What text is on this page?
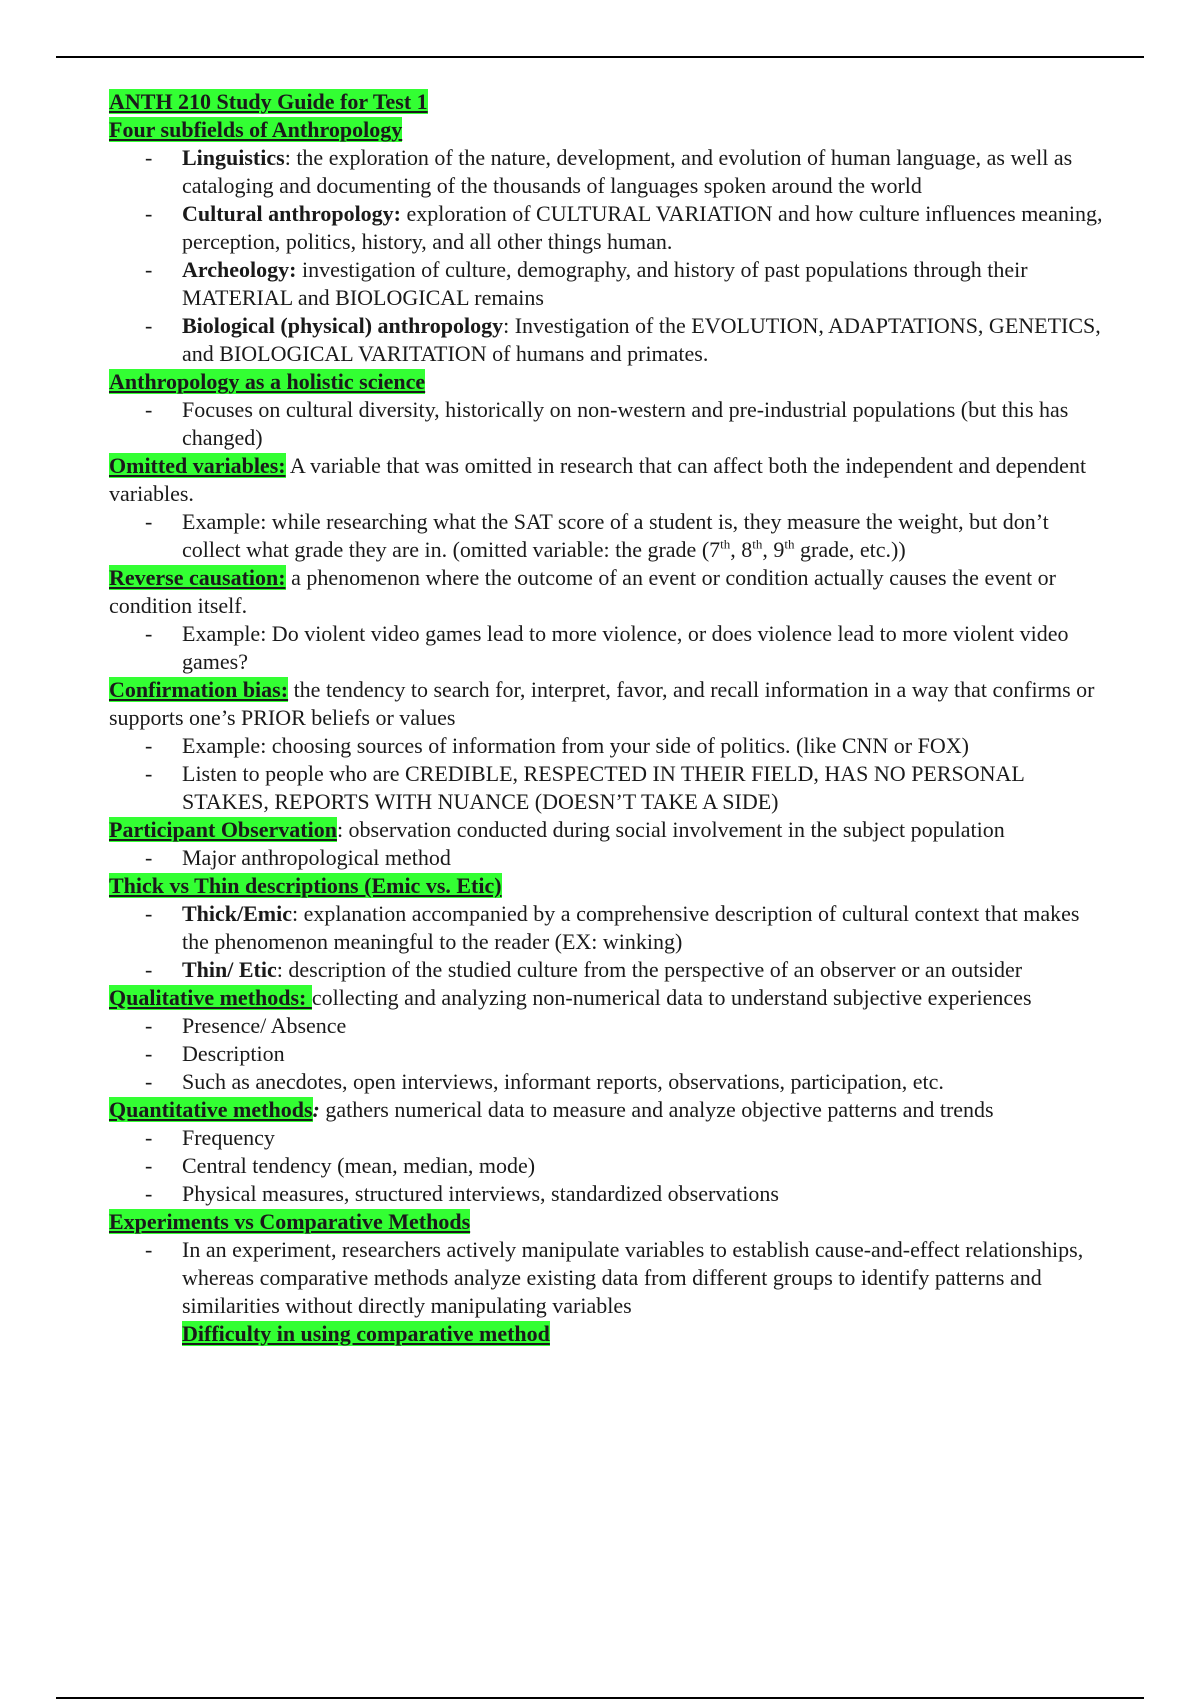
ANTH 210 Study Guide for Test 1

Four subfields of Anthropology

- Linguistics: the exploration of the nature, development, and evolution of human language, as well as cataloging and documenting of the thousands of languages spoken around the world
- Cultural anthropology: exploration of CULTURAL VARIATION and how culture influences meaning, perception, politics, history, and all other things human.
- Archeology: investigation of culture, demography, and history of past populations through their MATERIAL and BIOLOGICAL remains
- Biological (physical) anthropology: Investigation of the EVOLUTION, ADAPTATIONS, GENETICS, and BIOLOGICAL VARITATION of humans and primates.

Anthropology as a holistic science

- Focuses on cultural diversity, historically on non-western and pre-industrial populations (but this has changed)

Omitted variables: A variable that was omitted in research that can affect both the independent and dependent variables.

- Example: while researching what the SAT score of a student is, they measure the weight, but don’t collect what grade they are in. (omitted variable: the grade (7th, 8th, 9th grade, etc.))

Reverse causation: a phenomenon where the outcome of an event or condition actually causes the event or condition itself.

- Example: Do violent video games lead to more violence, or does violence lead to more violent video games?

Confirmation bias: the tendency to search for, interpret, favor, and recall information in a way that confirms or supports one’s PRIOR beliefs or values

- Example: choosing sources of information from your side of politics. (like CNN or FOX)
- Listen to people who are CREDIBLE, RESPECTED IN THEIR FIELD, HAS NO PERSONAL STAKES, REPORTS WITH NUANCE (DOESN’T TAKE A SIDE)

Participant Observation: observation conducted during social involvement in the subject population

- Major anthropological method

Thick vs Thin descriptions (Emic vs. Etic)

- Thick/Emic: explanation accompanied by a comprehensive description of cultural context that makes the phenomenon meaningful to the reader (EX: winking)
- Thin/ Etic: description of the studied culture from the perspective of an observer or an outsider

Qualitative methods: collecting and analyzing non-numerical data to understand subjective experiences

- Presence/ Absence
- Description
- Such as anecdotes, open interviews, informant reports, observations, participation, etc.

Quantitative methods: gathers numerical data to measure and analyze objective patterns and trends

- Frequency
- Central tendency (mean, median, mode)
- Physical measures, structured interviews, standardized observations

Experiments vs Comparative Methods

- In an experiment, researchers actively manipulate variables to establish cause-and-effect relationships, whereas comparative methods analyze existing data from different groups to identify patterns and similarities without directly manipulating variables

Difficulty in using comparative method
